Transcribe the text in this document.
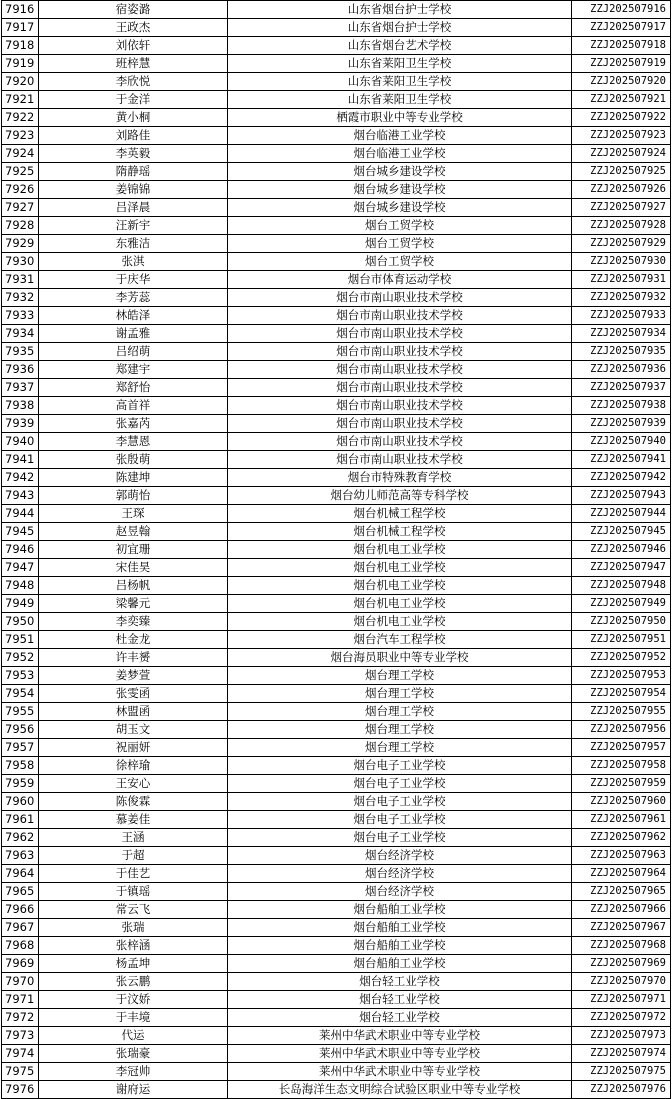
7916	宿姿潞	山东省烟台护士学校	ZZJ202507916
7917	王政杰	山东省烟台护士学校	ZZJ202507917
7918	刘依轩	山东省烟台艺术学校	ZZJ202507918
7919	班梓慧	山东省莱阳卫生学校	ZZJ202507919
7920	李欣悦	山东省莱阳卫生学校	ZZJ202507920
7921	于金洋	山东省莱阳卫生学校	ZZJ202507921
7922	黄小桐	栖霞市职业中等专业学校	ZZJ202507922
7923	刘路佳	烟台临港工业学校	ZZJ202507923
7924	李英毅	烟台临港工业学校	ZZJ202507924
7925	隋静瑶	烟台城乡建设学校	ZZJ202507925
7926	姜锦锦	烟台城乡建设学校	ZZJ202507926
7927	吕泽晨	烟台城乡建设学校	ZZJ202507927
7928	汪新宇	烟台工贸学校	ZZJ202507928
7929	东雅洁	烟台工贸学校	ZZJ202507929
7930	张淇	烟台工贸学校	ZZJ202507930
7931	于庆华	烟台市体育运动学校	ZZJ202507931
7932	李芳蕊	烟台市南山职业技术学校	ZZJ202507932
7933	林皓泽	烟台市南山职业技术学校	ZZJ202507933
7934	谢孟雅	烟台市南山职业技术学校	ZZJ202507934
7935	吕绍萌	烟台市南山职业技术学校	ZZJ202507935
7936	郑建宇	烟台市南山职业技术学校	ZZJ202507936
7937	郑舒怡	烟台市南山职业技术学校	ZZJ202507937
7938	高首祥	烟台市南山职业技术学校	ZZJ202507938
7939	张嘉芮	烟台市南山职业技术学校	ZZJ202507939
7940	李慧恩	烟台市南山职业技术学校	ZZJ202507940
7941	张殷萌	烟台市南山职业技术学校	ZZJ202507941
7942	陈建坤	烟台市特殊教育学校	ZZJ202507942
7943	郭萌怡	烟台幼儿师范高等专科学校	ZZJ202507943
7944	王琛	烟台机械工程学校	ZZJ202507944
7945	赵昱翰	烟台机械工程学校	ZZJ202507945
7946	初宜珊	烟台机电工业学校	ZZJ202507946
7947	宋佳昊	烟台机电工业学校	ZZJ202507947
7948	吕杨帆	烟台机电工业学校	ZZJ202507948
7949	梁馨元	烟台机电工业学校	ZZJ202507949
7950	李奕臻	烟台机电工业学校	ZZJ202507950
7951	杜金龙	烟台汽车工程学校	ZZJ202507951
7952	许丰赟	烟台海员职业中等专业学校	ZZJ202507952
7953	姜梦萱	烟台理工学校	ZZJ202507953
7954	张雯函	烟台理工学校	ZZJ202507954
7955	林盟函	烟台理工学校	ZZJ202507955
7956	胡玉文	烟台理工学校	ZZJ202507956
7957	祝丽妍	烟台理工学校	ZZJ202507957
7958	徐梓瑜	烟台电子工业学校	ZZJ202507958
7959	王安心	烟台电子工业学校	ZZJ202507959
7960	陈俊霖	烟台电子工业学校	ZZJ202507960
7961	慕姜佳	烟台电子工业学校	ZZJ202507961
7962	王涵	烟台电子工业学校	ZZJ202507962
7963	于超	烟台经济学校	ZZJ202507963
7964	于佳艺	烟台经济学校	ZZJ202507964
7965	于镇瑶	烟台经济学校	ZZJ202507965
7966	常云飞	烟台船舶工业学校	ZZJ202507966
7967	张瑞	烟台船舶工业学校	ZZJ202507967
7968	张梓涵	烟台船舶工业学校	ZZJ202507968
7969	杨孟坤	烟台船舶工业学校	ZZJ202507969
7970	张云鹏	烟台轻工业学校	ZZJ202507970
7971	于汶娇	烟台轻工业学校	ZZJ202507971
7972	于丰境	烟台轻工业学校	ZZJ202507972
7973	代运	莱州中华武术职业中等专业学校	ZZJ202507973
7974	张瑞豪	莱州中华武术职业中等专业学校	ZZJ202507974
7975	李冠帅	莱州中华武术职业中等专业学校	ZZJ202507975
7976	谢府运	长岛海洋生态文明综合试验区职业中等专业学校	ZZJ202507976
